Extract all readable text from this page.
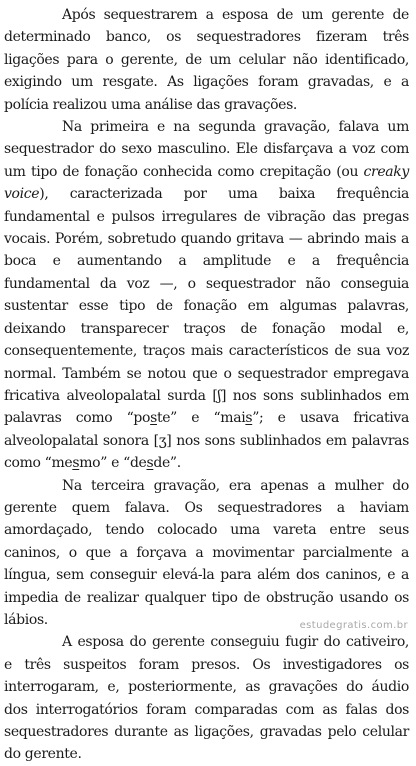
Após sequestrarem a esposa de um gerente de determinado banco, os sequestradores fizeram três ligações para o gerente, de um celular não identificado, exigindo um resgate. As ligações foram gravadas, e a polícia realizou uma análise das gravações.

Na primeira e na segunda gravação, falava um sequestrador do sexo masculino. Ele disfarçava a voz com um tipo de fonação conhecida como crepitação (ou creaky voice), caracterizada por uma baixa frequência fundamental e pulsos irregulares de vibração das pregas vocais. Porém, sobretudo quando gritava — abrindo mais a boca e aumentando a amplitude e a frequência fundamental da voz —, o sequestrador não conseguia sustentar esse tipo de fonação em algumas palavras, deixando transparecer traços de fonação modal e, consequentemente, traços mais característicos de sua voz normal. Também se notou que o sequestrador empregava fricativa alveolopalatal surda [ʃ] nos sons sublinhados em palavras como “poste” e “mais”; e usava fricativa alveolopalatal sonora [ʒ] nos sons sublinhados em palavras como “mesmo” e “desde”.

Na terceira gravação, era apenas a mulher do gerente quem falava. Os sequestradores a haviam amordaçado, tendo colocado uma vareta entre seus caninos, o que a forçava a movimentar parcialmente a língua, sem conseguir elevá-la para além dos caninos, e a impedia de realizar qualquer tipo de obstrução usando os lábios.

A esposa do gerente conseguiu fugir do cativeiro, e três suspeitos foram presos. Os investigadores os interrogaram, e, posteriormente, as gravações do áudio dos interrogatórios foram comparadas com as falas dos sequestradores durante as ligações, gravadas pelo celular do gerente.

estudegratis.com.br
